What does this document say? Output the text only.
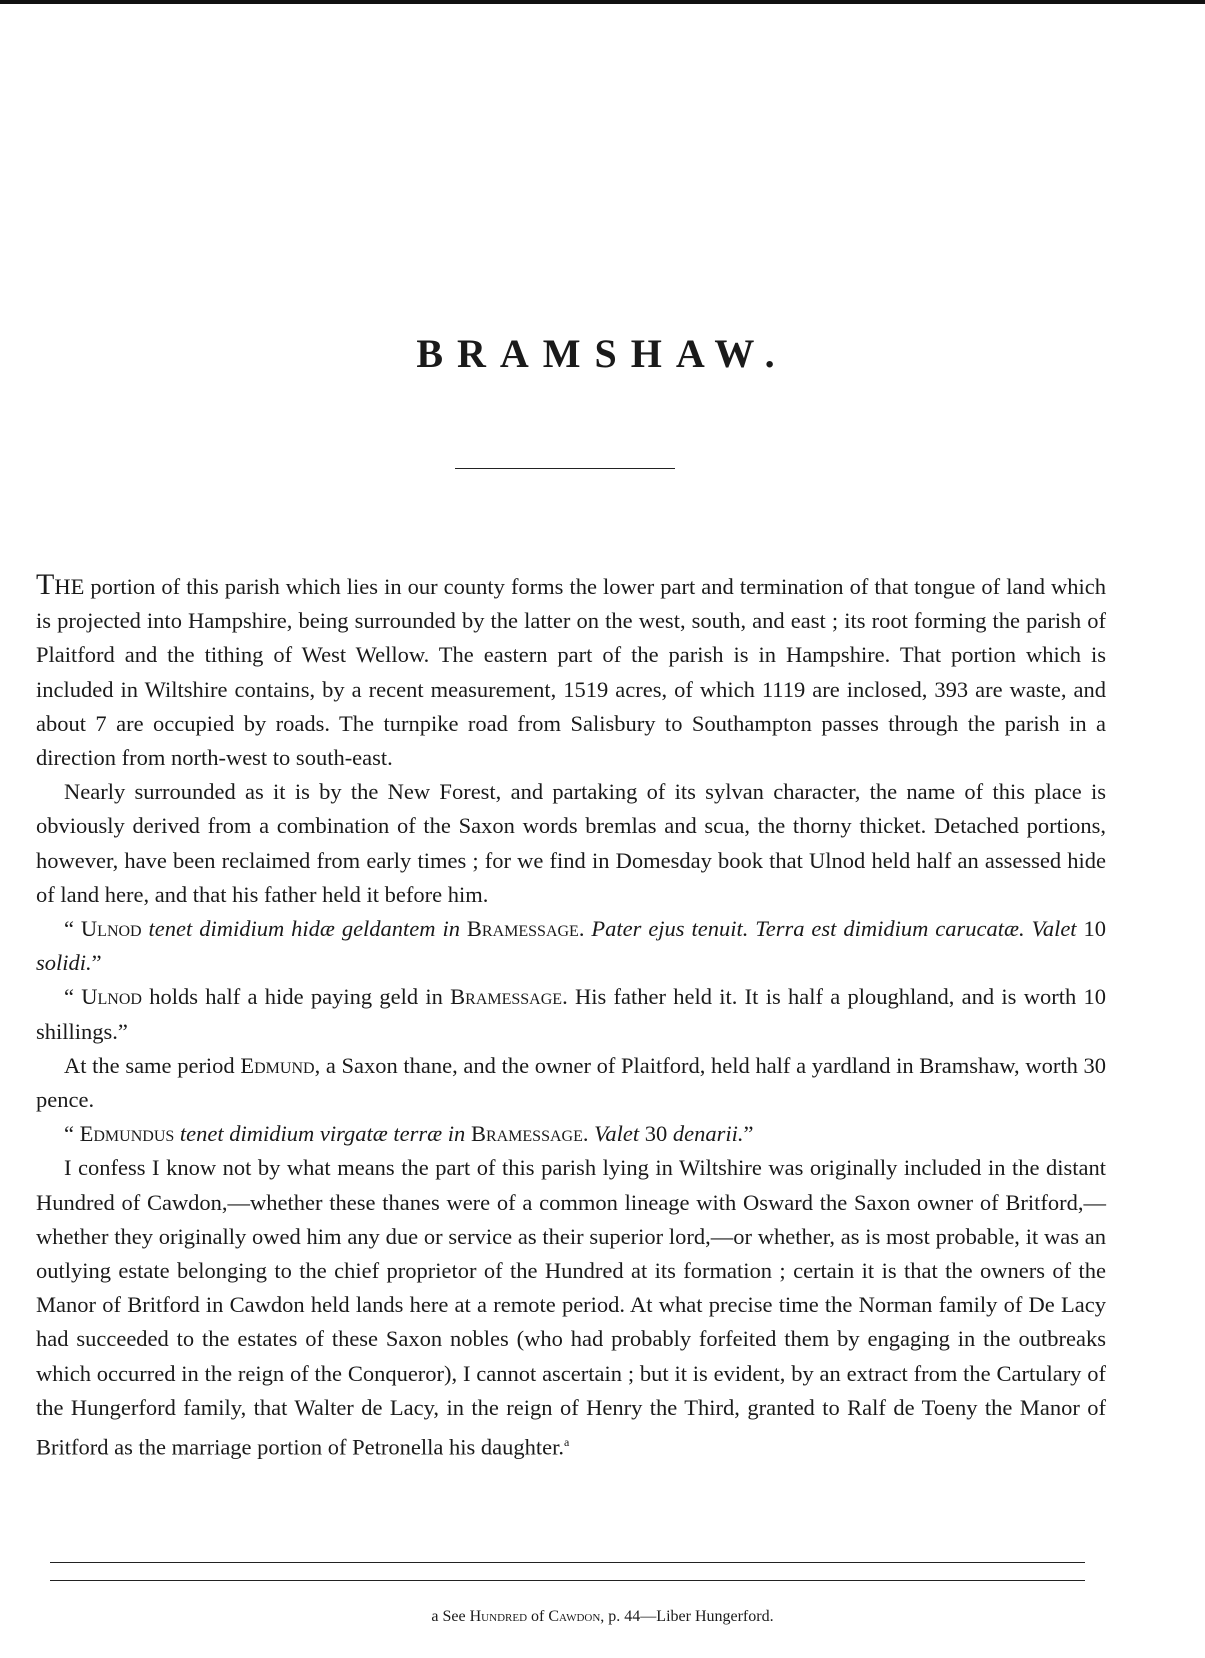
BRAMSHAW.

THE portion of this parish which lies in our county forms the lower part and termination of that tongue of land which is projected into Hampshire, being surrounded by the latter on the west, south, and east ; its root forming the parish of Plaitford and the tithing of West Wellow. The eastern part of the parish is in Hampshire. That portion which is included in Wiltshire contains, by a recent measurement, 1519 acres, of which 1119 are inclosed, 393 are waste, and about 7 are occupied by roads. The turnpike road from Salisbury to Southampton passes through the parish in a direction from north-west to south-east.

Nearly surrounded as it is by the New Forest, and partaking of its sylvan character, the name of this place is obviously derived from a combination of the Saxon words bremlas and scua, the thorny thicket. Detached portions, however, have been reclaimed from early times ; for we find in Domesday book that Ulnod held half an assessed hide of land here, and that his father held it before him.

“ Ulnod tenet dimidium hidæ geldantem in Bramessage. Pater ejus tenuit. Terra est dimidium carucatæ. Valet 10 solidi.”

“ Ulnod holds half a hide paying geld in Bramessage. His father held it. It is half a ploughland, and is worth 10 shillings.”

At the same period Edmund, a Saxon thane, and the owner of Plaitford, held half a yardland in Bramshaw, worth 30 pence.

“ Edmundus tenet dimidium virgatæ terræ in Bramessage. Valet 30 denarii.”

I confess I know not by what means the part of this parish lying in Wiltshire was originally included in the distant Hundred of Cawdon,—whether these thanes were of a common lineage with Osward the Saxon owner of Britford,—whether they originally owed him any due or service as their superior lord,—or whether, as is most probable, it was an outlying estate belonging to the chief proprietor of the Hundred at its formation ; certain it is that the owners of the Manor of Britford in Cawdon held lands here at a remote period. At what precise time the Norman family of De Lacy had succeeded to the estates of these Saxon nobles (who had probably forfeited them by engaging in the outbreaks which occurred in the reign of the Conqueror), I cannot ascertain ; but it is evident, by an extract from the Cartulary of the Hungerford family, that Walter de Lacy, in the reign of Henry the Third, granted to Ralf de Toeny the Manor of Britford as the marriage portion of Petronella his daughter.$^a$

a See Hundred of Cawdon, p. 44—Liber Hungerford.
